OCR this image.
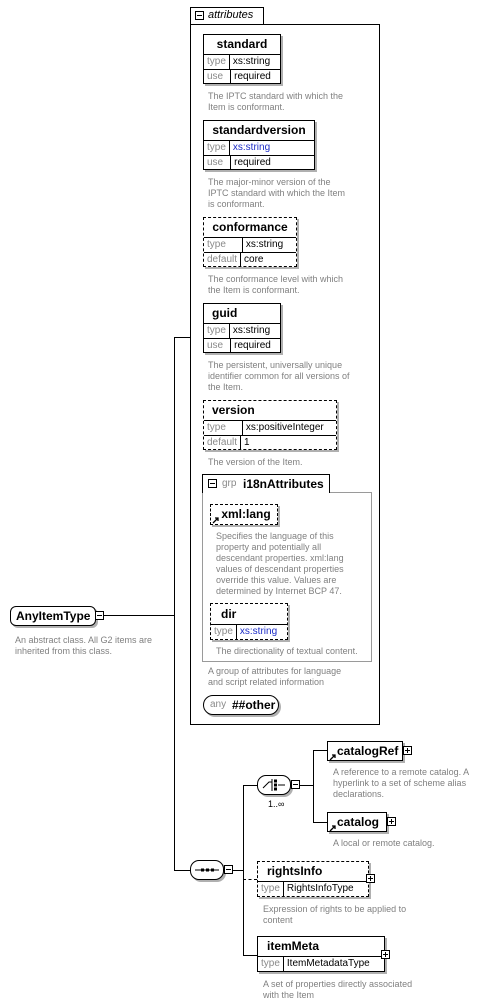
attributes
standard
type xs:string
use	required
The IPTC standard with which the
Item is conformant.
standardversion
type xs:string
use	required
The major-minor version of the
IPTC standard with which the Item
is conformant.
conformance
type	xs:string
default core
The conformance level with which
the Item is conformant.
guid
type xs:string
use	required
The persistent, universally unique
identifier common for all versions of
the Item.
version
type	xs:positiveInteger
default 1
The version of the Item.
grp i18nAttributes
xml:lang
Specifies the language of this
property and potentially all
descendant properties. xml:lang
values of descendant properties
override this value. Values are
determined by Internet BCP 47.
dir
type xs:string
The directionality of textual content.
A group of attributes for language
and script related information
any ##other
AnyItemType
An abstract class. All G2 items are
inherited from this class.
1..∞
catalogRef
A reference to a remote catalog. A
hyperlink to a set of scheme alias
declarations.
catalog
A local or remote catalog.
rightsInfo
type RightsInfoType
Expression of rights to be applied to
content
itemMeta
type ItemMetadataType
A set of properties directly associated
with the Item
